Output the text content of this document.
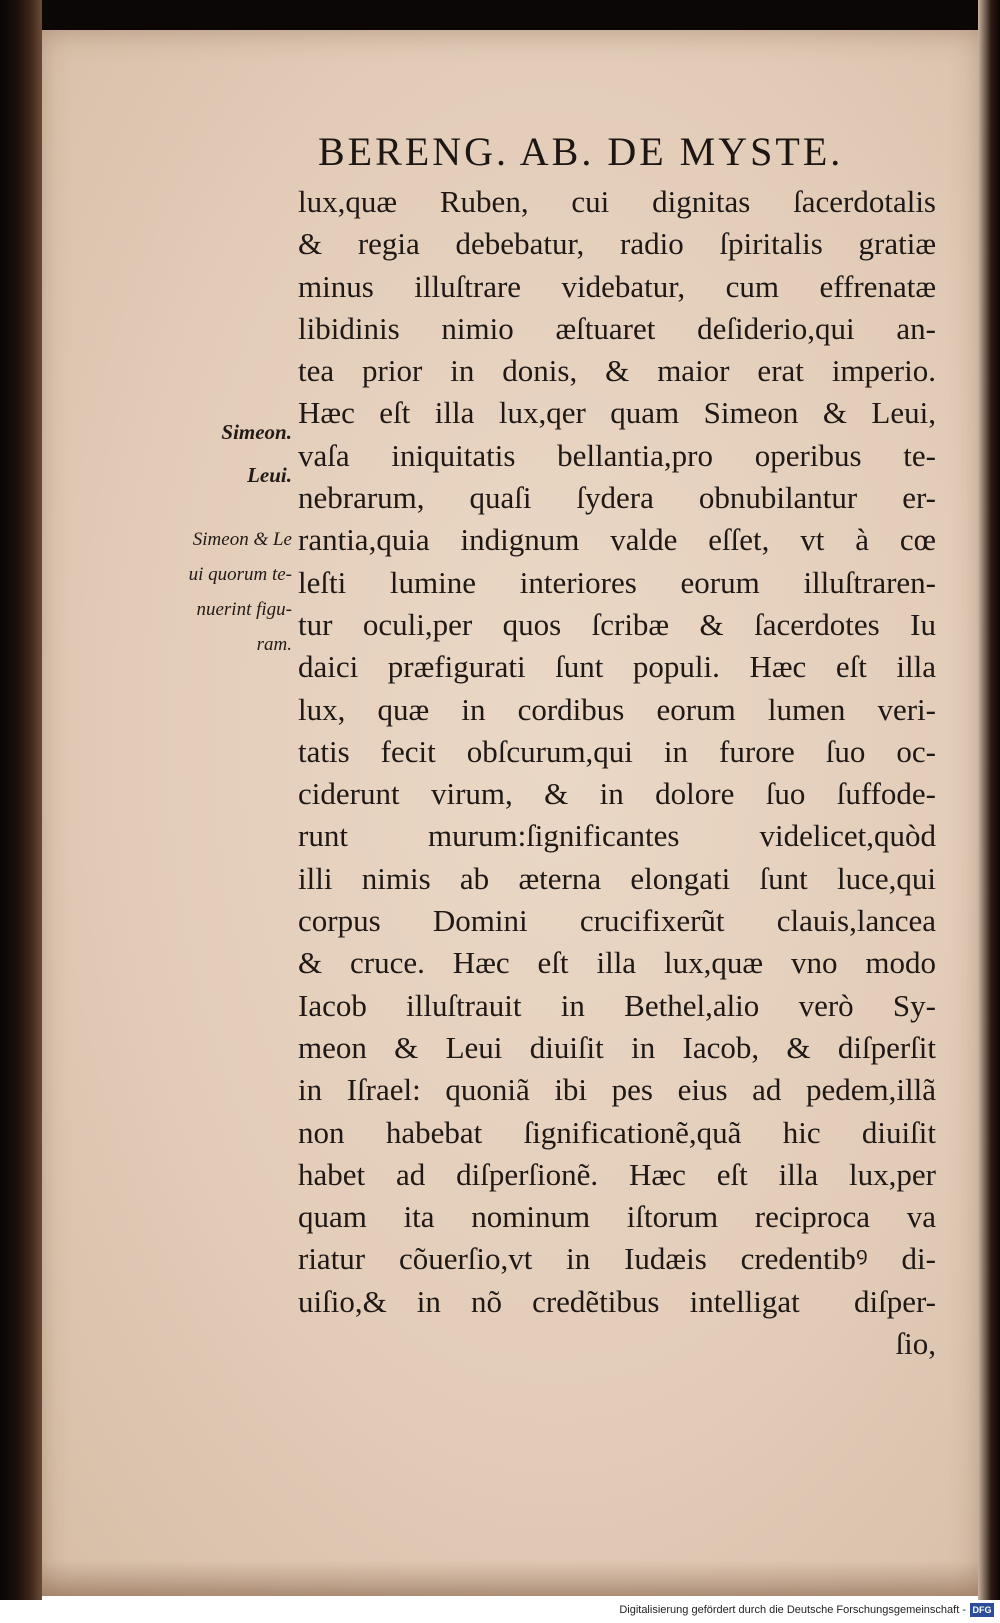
BERENG. AB. DE MYSTE.
Simeon.
Leui.
Simeon & Le
ui quorum te-
nuerint figu-
ram.
lux,quæ Ruben, cui dignitas ſacerdotalis
& regia debebatur, radio ſpiritalis gratiæ
minus illuſtrare videbatur, cum effrenatæ
libidinis nimio æſtuaret deſiderio,qui an-
tea prior in donis, & maior erat imperio.
Hæc eſt illa lux,qer quam Simeon & Leui,
vaſa iniquitatis bellantia,pro operibus te-
nebrarum, quaſi ſydera obnubilantur er-
rantia,quia indignum valde eſſet, vt à cœ
leſti lumine interiores eorum illuſtraren-
tur oculi,per quos ſcribæ & ſacerdotes Iu
daici præfigurati ſunt populi. Hæc eſt illa
lux, quæ in cordibus eorum lumen veri-
tatis fecit obſcurum,qui in furore ſuo oc-
ciderunt virum, & in dolore ſuo ſuffode-
runt murum:ſignificantes videlicet,quòd
illi nimis ab æterna elongati ſunt luce,qui
corpus Domini crucifixerũt clauis,lancea
& cruce. Hæc eſt illa lux,quæ vno modo
Iacob illuſtrauit in Bethel,alio verò Sy-
meon & Leui diuiſit in Iacob, & diſperſit
in Iſrael: quoniã ibi pes eius ad pedem,illã
non habebat ſignificationẽ,quã hic diuiſit
habet ad diſperſionẽ. Hæc eſt illa lux,per
quam ita nominum iſtorum reciproca va
riatur cõuerſio,vt in Iudæis credentibꝰ di-
uiſio,& in nõ credẽtibus intelligatᷣ diſper-
ſio,
Digitalisierung gefördert durch die Deutsche Forschungsgemeinschaft - DFG
